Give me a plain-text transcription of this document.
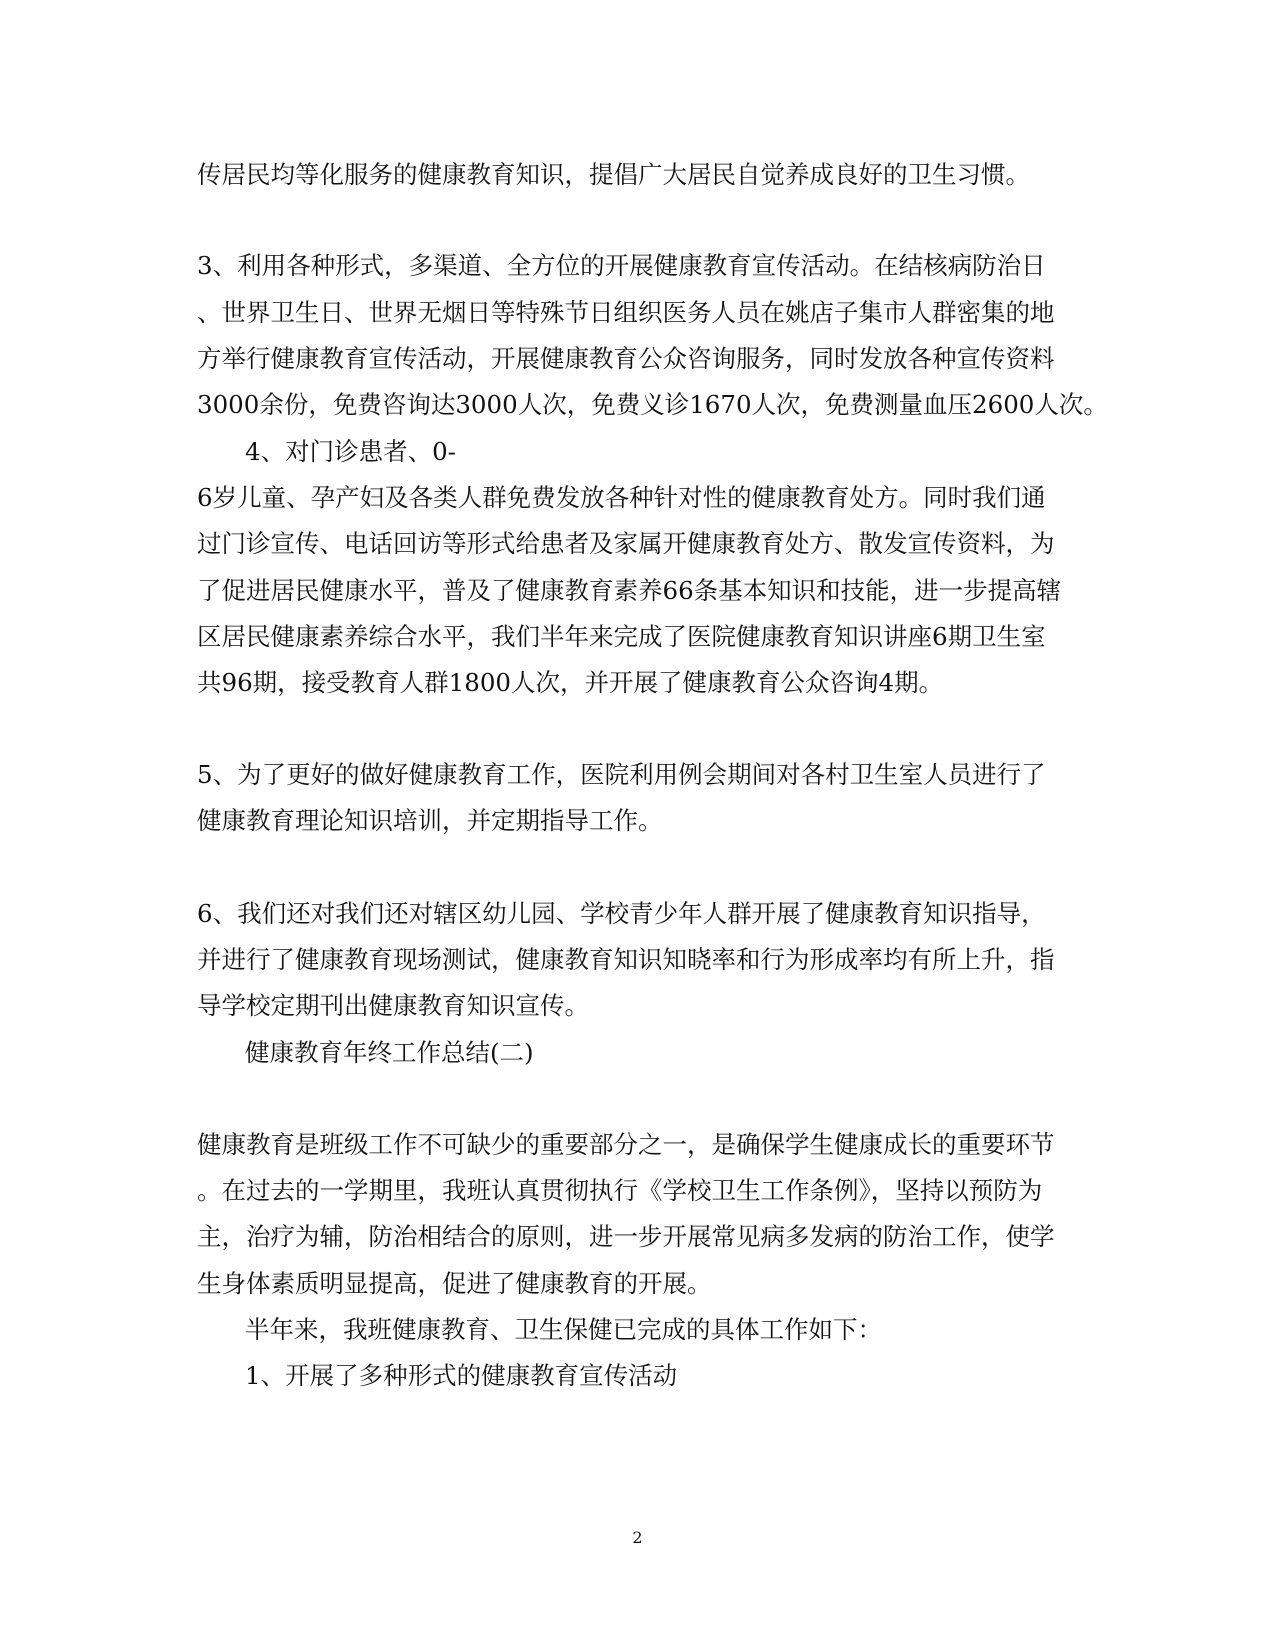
传居民均等化服务的健康教育知识，提倡广大居民自觉养成良好的卫生习惯。
3、利用各种形式，多渠道、全方位的开展健康教育宣传活动。在结核病防治日
、世界卫生日、世界无烟日等特殊节日组织医务人员在姚店子集市人群密集的地
方举行健康教育宣传活动，开展健康教育公众咨询服务，同时发放各种宣传资料
3000余份，免费咨询达3000人次，免费义诊1670人次，免费测量血压2600人次。
4、对门诊患者、0-
6岁儿童、孕产妇及各类人群免费发放各种针对性的健康教育处方。同时我们通
过门诊宣传、电话回访等形式给患者及家属开健康教育处方、散发宣传资料，为
了促进居民健康水平，普及了健康教育素养66条基本知识和技能，进一步提高辖
区居民健康素养综合水平，我们半年来完成了医院健康教育知识讲座6期卫生室
共96期，接受教育人群1800人次，并开展了健康教育公众咨询4期。
5、为了更好的做好健康教育工作，医院利用例会期间对各村卫生室人员进行了
健康教育理论知识培训，并定期指导工作。
6、我们还对我们还对辖区幼儿园、学校青少年人群开展了健康教育知识指导，
并进行了健康教育现场测试，健康教育知识知晓率和行为形成率均有所上升，指
导学校定期刊出健康教育知识宣传。
健康教育年终工作总结(二)
健康教育是班级工作不可缺少的重要部分之一，是确保学生健康成长的重要环节
。在过去的一学期里，我班认真贯彻执行《学校卫生工作条例》，坚持以预防为
主，治疗为辅，防治相结合的原则，进一步开展常见病多发病的防治工作，使学
生身体素质明显提高，促进了健康教育的开展。
半年来，我班健康教育、卫生保健已完成的具体工作如下：
1、开展了多种形式的健康教育宣传活动
2
